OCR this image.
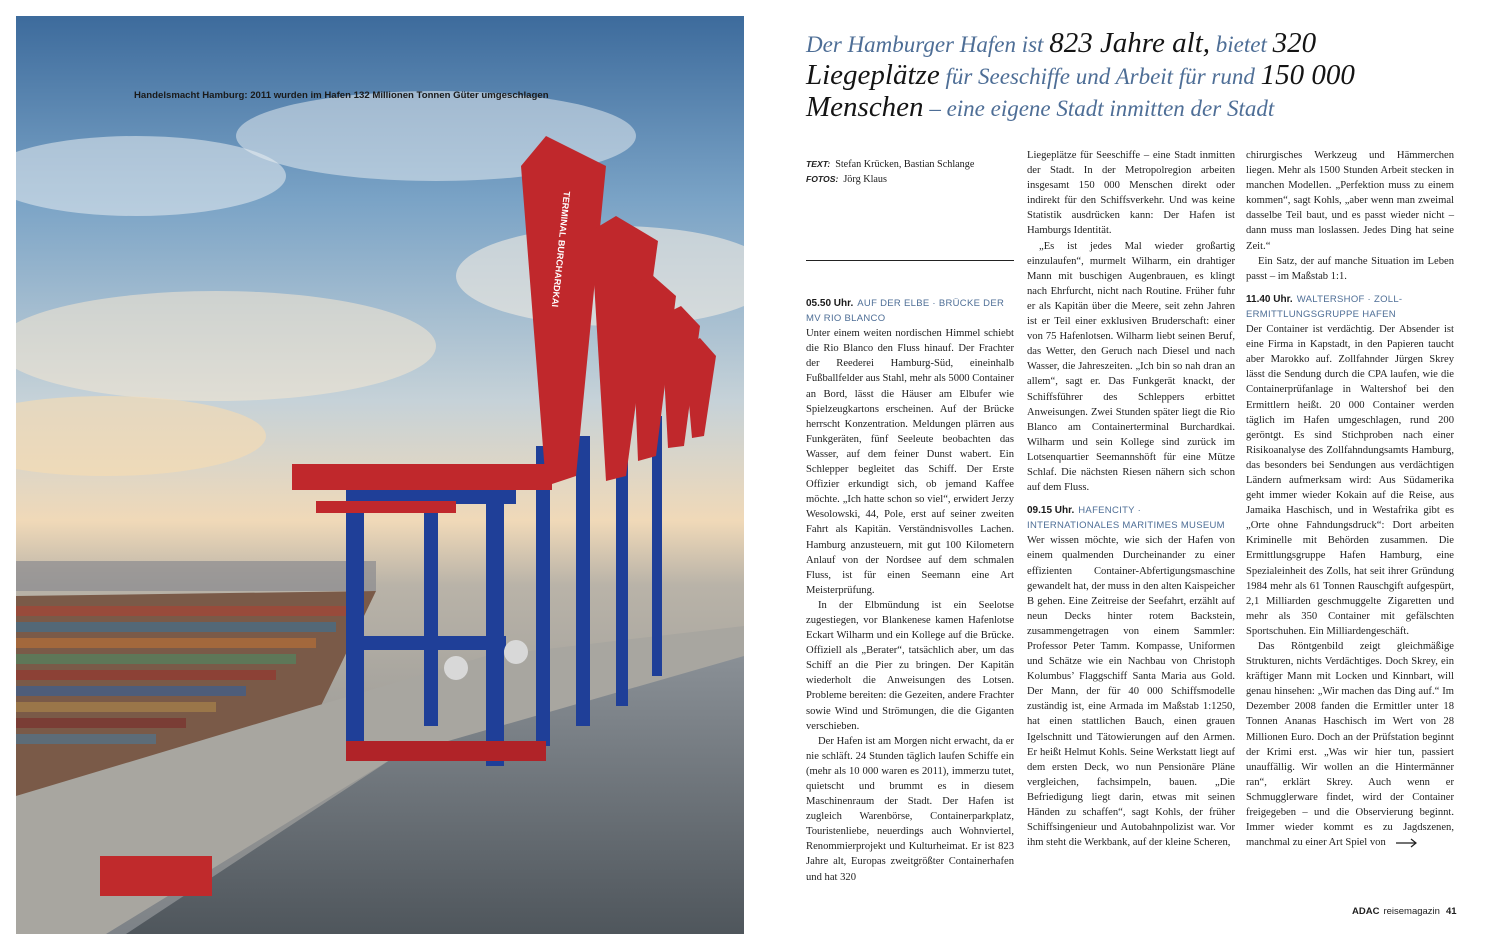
TERMINAL BURCHARDKAI
Handelsmacht Hamburg: 2011 wurden im Hafen 132 Millionen Tonnen Güter umgeschlagen
Der Hamburger Hafen ist 823 Jahre alt, bietet 320
Liegeplätze für Seeschiffe und Arbeit für rund 150 000
Menschen – eine eigene Stadt inmitten der Stadt
TEXT: Stefan Krücken, Bastian Schlange
FOTOS: Jörg Klaus

05.50 Uhr. AUF DER ELBE · BRÜCKE DER MV RIO BLANCO

Unter einem weiten nordischen Himmel schiebt die Rio Blanco den Fluss hinauf. Der Frachter der Reederei Hamburg-Süd, eineinhalb Fußballfelder aus Stahl, mehr als 5000 Container an Bord, lässt die Häuser am Elbufer wie Spielzeugkartons erscheinen. Auf der Brücke herrscht Konzentration. Meldungen plärren aus Funkgeräten, fünf Seeleute beobachten das Wasser, auf dem feiner Dunst wabert. Ein Schlepper begleitet das Schiff. Der Erste Offizier erkundigt sich, ob jemand Kaffee möchte. „Ich hatte schon so viel“, erwidert Jerzy Wesolowski, 44, Pole, erst auf seiner zweiten Fahrt als Kapitän. Verständnisvolles Lachen. Hamburg anzusteuern, mit gut 100 Kilometern Anlauf von der Nordsee auf dem schmalen Fluss, ist für einen Seemann eine Art Meisterprüfung.

In der Elbmündung ist ein Seelotse zugestiegen, vor Blankenese kamen Hafenlotse Eckart Wilharm und ein Kollege auf die Brücke. Offiziell als „Berater“, tatsächlich aber, um das Schiff an die Pier zu bringen. Der Kapitän wiederholt die Anweisungen des Lotsen. Probleme bereiten: die Gezeiten, andere Frachter sowie Wind und Strömungen, die die Giganten verschieben.

Der Hafen ist am Morgen nicht erwacht, da er nie schläft. 24 Stunden täglich laufen Schiffe ein (mehr als 10 000 waren es 2011), immerzu tutet, quietscht und brummt es in diesem Maschinenraum der Stadt. Der Hafen ist zugleich Warenbörse, Containerparkplatz, Touristenliebe, neuerdings auch Wohnviertel, Renommierprojekt und Kulturheimat. Er ist 823 Jahre alt, Europas zweitgrößter Containerhafen und hat 320

Liegeplätze für Seeschiffe – eine Stadt inmitten der Stadt. In der Metropolregion arbeiten insgesamt 150 000 Menschen direkt oder indirekt für den Schiffsverkehr. Und was keine Statistik ausdrücken kann: Der Hafen ist Hamburgs Identität.

„Es ist jedes Mal wieder großartig einzulaufen“, murmelt Wilharm, ein drahtiger Mann mit buschigen Augenbrauen, es klingt nach Ehrfurcht, nicht nach Routine. Früher fuhr er als Kapitän über die Meere, seit zehn Jahren ist er Teil einer exklusiven Bruderschaft: einer von 75 Hafenlotsen. Wilharm liebt seinen Beruf, das Wetter, den Geruch nach Diesel und nach Wasser, die Jahreszeiten. „Ich bin so nah dran an allem“, sagt er. Das Funkgerät knackt, der Schiffsführer des Schleppers erbittet Anweisungen. Zwei Stunden später liegt die Rio Blanco am Containerterminal Burchardkai. Wilharm und sein Kollege sind zurück im Lotsenquartier Seemannshöft für eine Mütze Schlaf. Die nächsten Riesen nähern sich schon auf dem Fluss.

09.15 Uhr. HAFENCITY · INTERNATIONALES MARITIMES MUSEUM

Wer wissen möchte, wie sich der Hafen von einem qualmenden Durcheinander zu einer effizienten Container-Abfertigungsmaschine gewandelt hat, der muss in den alten Kaispeicher B gehen. Eine Zeitreise der Seefahrt, erzählt auf neun Decks hinter rotem Backstein, zusammengetragen von einem Sammler: Professor Peter Tamm. Kompasse, Uniformen und Schätze wie ein Nachbau von Christoph Kolumbus’ Flaggschiff Santa Maria aus Gold. Der Mann, der für 40 000 Schiffsmodelle zuständig ist, eine Armada im Maßstab 1:1250, hat einen stattlichen Bauch, einen grauen Igelschnitt und Tätowierungen auf den Armen. Er heißt Helmut Kohls. Seine Werkstatt liegt auf dem ersten Deck, wo nun Pensionäre Pläne vergleichen, fachsimpeln, bauen. „Die Befriedigung liegt darin, etwas mit seinen Händen zu schaffen“, sagt Kohls, der früher Schiffsingenieur und Autobahnpolizist war. Vor ihm steht die Werkbank, auf der kleine Scheren,

chirurgisches Werkzeug und Hämmerchen liegen. Mehr als 1500 Stunden Arbeit stecken in manchen Modellen. „Perfektion muss zu einem kommen“, sagt Kohls, „aber wenn man zweimal dasselbe Teil baut, und es passt wieder nicht – dann muss man loslassen. Jedes Ding hat seine Zeit.“

Ein Satz, der auf manche Situation im Leben passt – im Maßstab 1:1.

11.40 Uhr. WALTERSHOF · ZOLL-ERMITTLUNGSGRUPPE HAFEN

Der Container ist verdächtig. Der Absender ist eine Firma in Kapstadt, in den Papieren taucht aber Marokko auf. Zollfahnder Jürgen Skrey lässt die Sendung durch die CPA laufen, wie die Containerprüfanlage in Waltershof bei den Ermittlern heißt. 20 000 Container werden täglich im Hafen umgeschlagen, rund 200 geröntgt. Es sind Stichproben nach einer Risikoanalyse des Zollfahndungsamts Hamburg, das besonders bei Sendungen aus verdächtigen Ländern aufmerksam wird: Aus Südamerika geht immer wieder Kokain auf die Reise, aus Jamaika Haschisch, und in Westafrika gibt es „Orte ohne Fahndungsdruck“: Dort arbeiten Kriminelle mit Behörden zusammen. Die Ermittlungsgruppe Hafen Hamburg, eine Spezialeinheit des Zolls, hat seit ihrer Gründung 1984 mehr als 61 Tonnen Rauschgift aufgespürt, 2,1 Milliarden geschmuggelte Zigaretten und mehr als 350 Container mit gefälschten Sportschuhen. Ein Milliardengeschäft.

Das Röntgenbild zeigt gleichmäßige Strukturen, nichts Verdächtiges. Doch Skrey, ein kräftiger Mann mit Locken und Kinnbart, will genau hinsehen: „Wir machen das Ding auf.“ Im Dezember 2008 fanden die Ermittler unter 18 Tonnen Ananas Haschisch im Wert von 28 Millionen Euro. Doch an der Prüfstation beginnt der Krimi erst. „Was wir hier tun, passiert unauffällig. Wir wollen an die Hintermänner ran“, erklärt Skrey. Auch wenn er Schmugglerware findet, wird der Container freigegeben – und die Observierung beginnt. Immer wieder kommt es zu Jagdszenen, manchmal zu einer Art Spiel von

ADAC reisemagazin 41
